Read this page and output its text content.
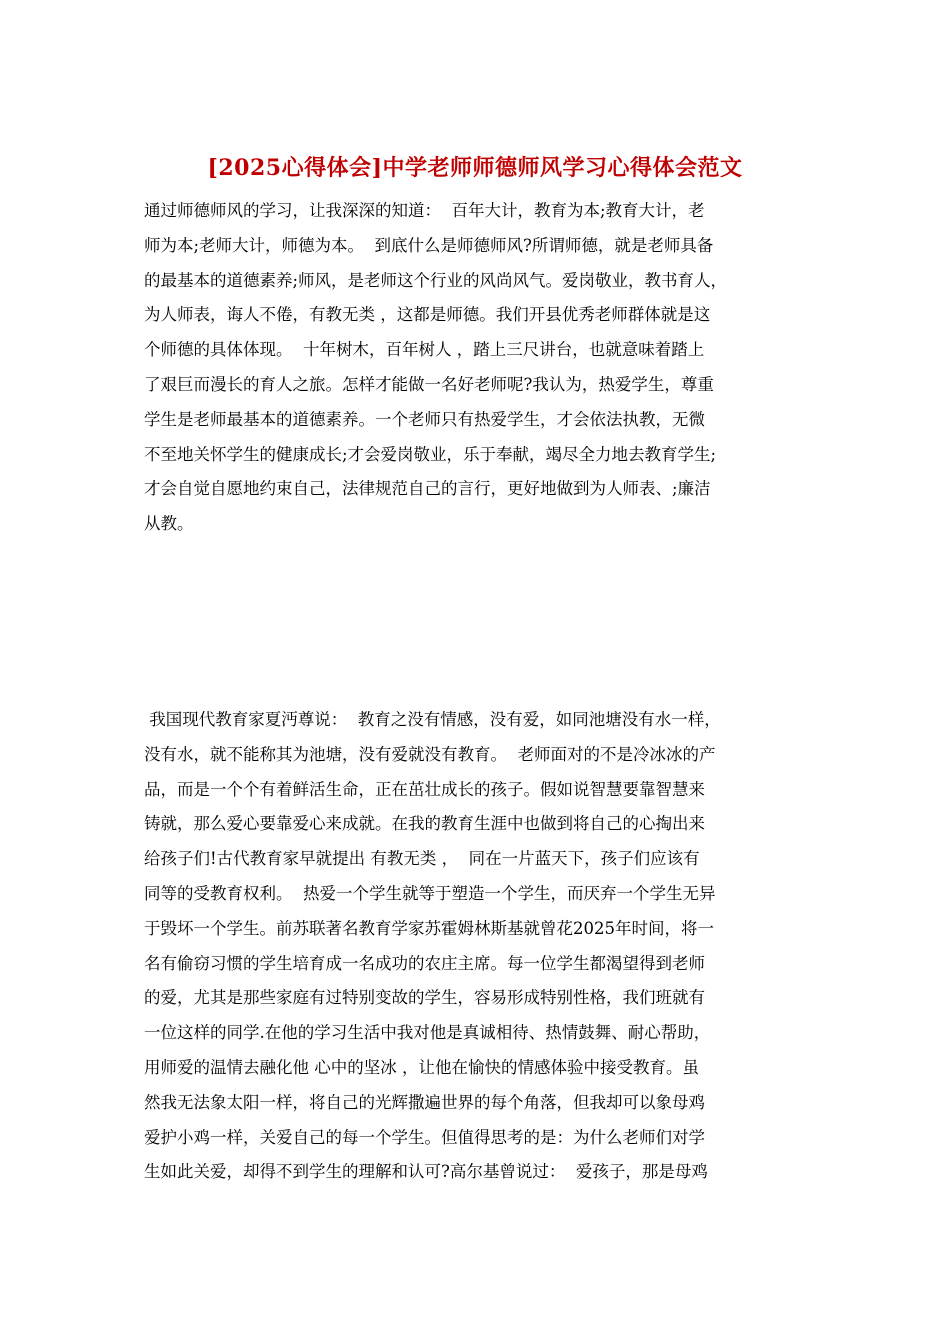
[2025心得体会]中学老师师德师风学习心得体会范文
通过师德师风的学习，让我深深的知道：  百年大计，教育为本;教育大计，老
师为本;老师大计，师德为本。  到底什么是师德师风?所谓师德，就是老师具备
的最基本的道德素养;师风，是老师这个行业的风尚风气。爱岗敬业，教书育人，
为人师表，诲人不倦，有教无类 ，这都是师德。我们开县优秀老师群体就是这
个师德的具体体现。  十年树木，百年树人 ，踏上三尺讲台，也就意味着踏上
了艰巨而漫长的育人之旅。怎样才能做一名好老师呢?我认为，热爱学生，尊重
学生是老师最基本的道德素养。一个老师只有热爱学生，才会依法执教，无微
不至地关怀学生的健康成长;才会爱岗敬业，乐于奉献，竭尽全力地去教育学生;
才会自觉自愿地约束自己，法律规范自己的言行，更好地做到为人师表、;廉洁
从教。
我国现代教育家夏沔尊说：  教育之没有情感，没有爱，如同池塘没有水一样，
没有水，就不能称其为池塘，没有爱就没有教育。  老师面对的不是冷冰冰的产
品，而是一个个有着鲜活生命，正在茁壮成长的孩子。假如说智慧要靠智慧来
铸就，那么爱心要靠爱心来成就。在我的教育生涯中也做到将自己的心掏出来
给孩子们!古代教育家早就提出 有教无类 ，  同在一片蓝天下，孩子们应该有
同等的受教育权利。  热爱一个学生就等于塑造一个学生，而厌弃一个学生无异
于毁坏一个学生。前苏联著名教育学家苏霍姆林斯基就曾花2025年时间，将一
名有偷窃习惯的学生培育成一名成功的农庄主席。每一位学生都渴望得到老师
的爱，尤其是那些家庭有过特别变故的学生，容易形成特别性格，我们班就有
一位这样的同学.在他的学习生活中我对他是真诚相待、热情鼓舞、耐心帮助，
用师爱的温情去融化他 心中的坚冰 ，让他在愉快的情感体验中接受教育。虽
然我无法象太阳一样，将自己的光辉撒遍世界的每个角落，但我却可以象母鸡
爱护小鸡一样，关爱自己的每一个学生。但值得思考的是：为什么老师们对学
生如此关爱，却得不到学生的理解和认可?高尔基曾说过：  爱孩子，那是母鸡
